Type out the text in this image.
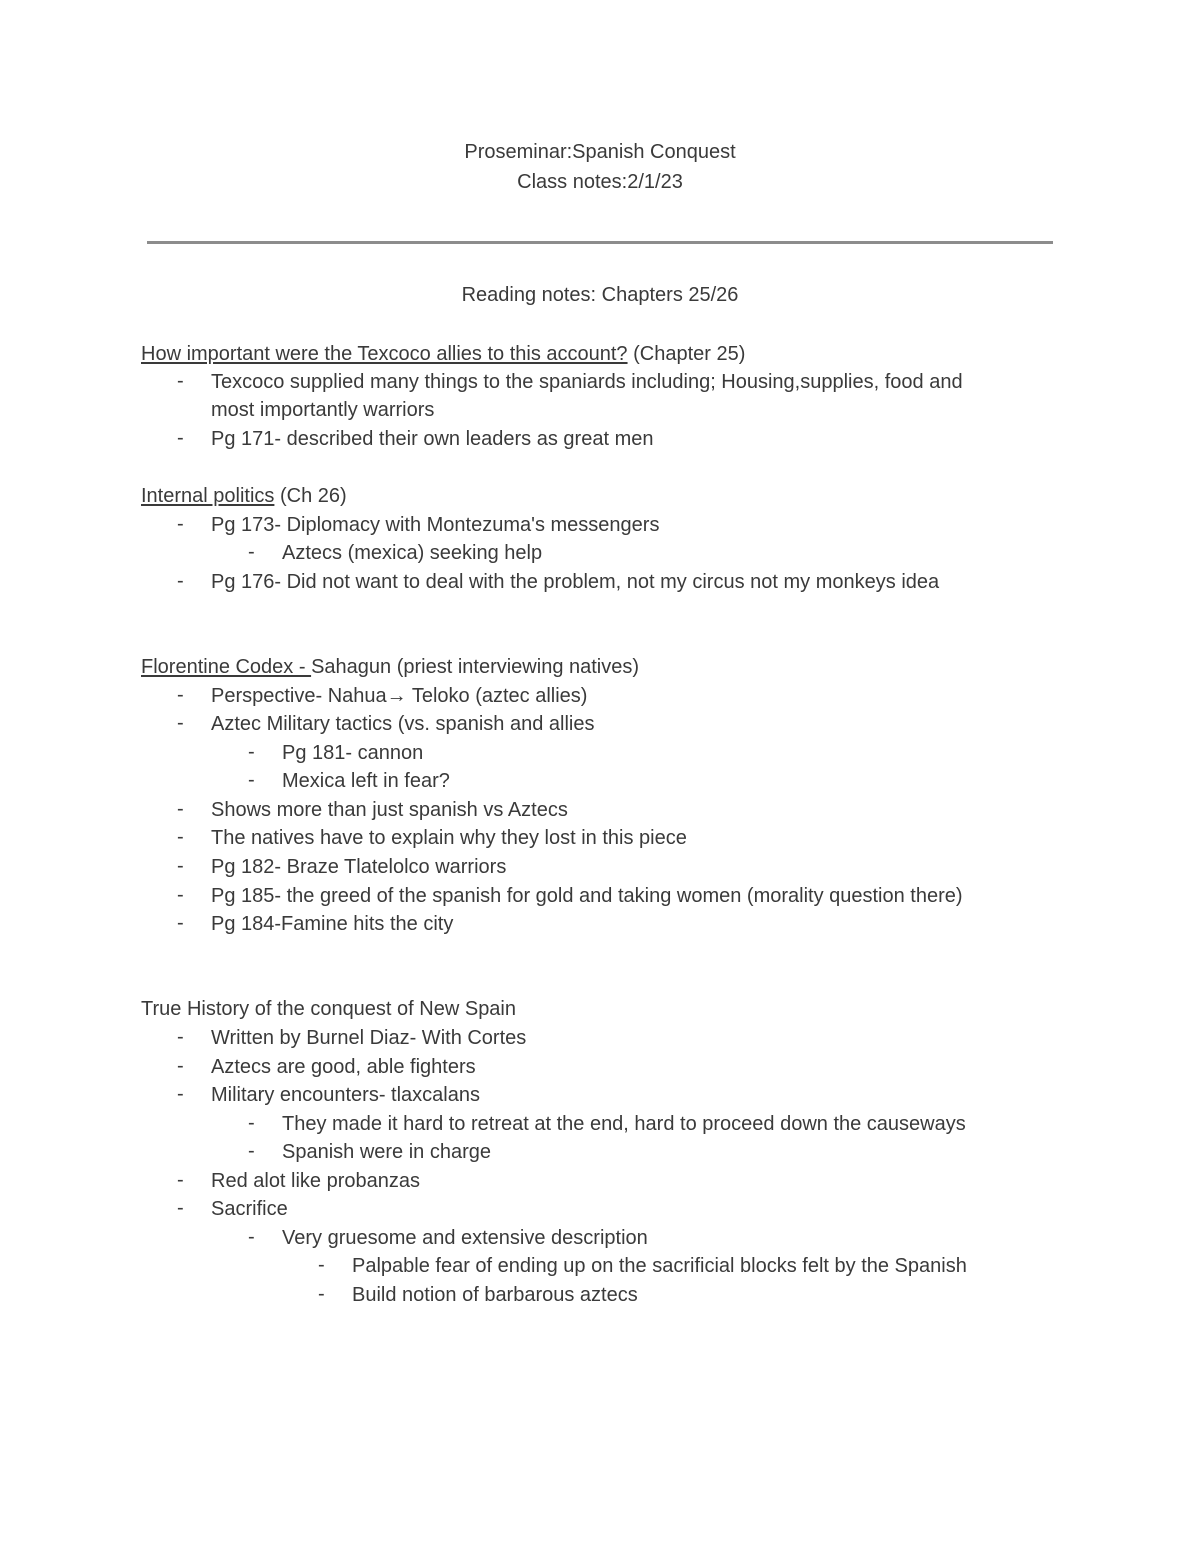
Proseminar:Spanish Conquest
Class notes:2/1/23
Reading notes: Chapters 25/26
How important were the Texcoco allies to this account? (Chapter 25)
- Texcoco supplied many things to the spaniards including; Housing,supplies, food and
most importantly warriors
- Pg 171- described their own leaders as great men
Internal politics (Ch 26)
- Pg 173- Diplomacy with Montezuma's messengers
- Aztecs (mexica) seeking help
- Pg 176- Did not want to deal with the problem, not my circus not my monkeys idea
Florentine Codex - Sahagun (priest interviewing natives)
- Perspective- Nahua→ Teloko (aztec allies)
- Aztec Military tactics (vs. spanish and allies
- Pg 181- cannon
- Mexica left in fear?
- Shows more than just spanish vs Aztecs
- The natives have to explain why they lost in this piece
- Pg 182- Braze Tlatelolco warriors
- Pg 185- the greed of the spanish for gold and taking women (morality question there)
- Pg 184-Famine hits the city
True History of the conquest of New Spain
- Written by Burnel Diaz- With Cortes
- Aztecs are good, able fighters
- Military encounters- tlaxcalans
- They made it hard to retreat at the end, hard to proceed down the causeways
- Spanish were in charge
- Red alot like probanzas
- Sacrifice
- Very gruesome and extensive description
- Palpable fear of ending up on the sacrificial blocks felt by the Spanish
- Build notion of barbarous aztecs
